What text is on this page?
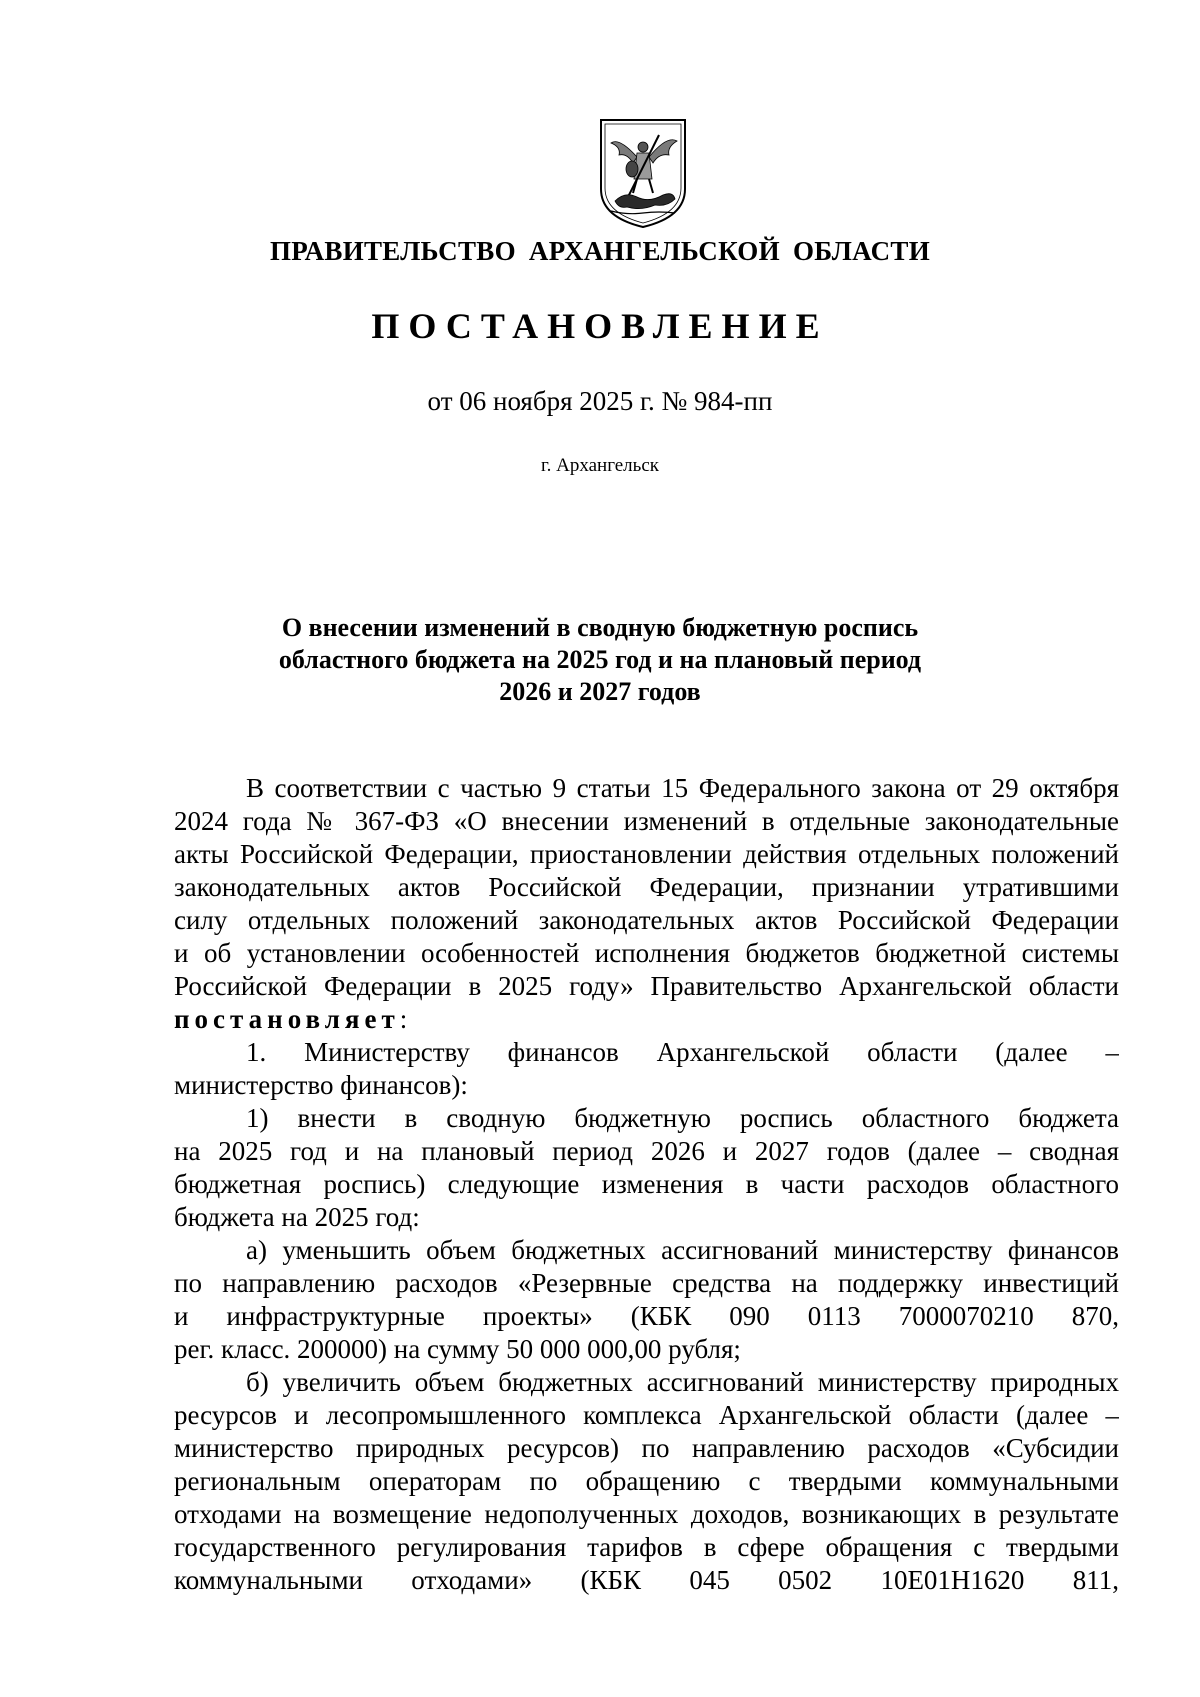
ПРАВИТЕЛЬСТВО АРХАНГЕЛЬСКОЙ ОБЛАСТИ
ПОСТАНОВЛЕНИЕ
от 06 ноября 2025 г. № 984-пп
г. Архангельск
О внесении изменений в сводную бюджетную роспись
областного бюджета на 2025 год и на плановый период
2026 и 2027 годов
В соответствии с частью 9 статьи 15 Федерального закона от 29 октября
2024 года № 367-ФЗ «О внесении изменений в отдельные законодательные
акты Российской Федерации, приостановлении действия отдельных положений
законодательных актов Российской Федерации, признании утратившими
силу отдельных положений законодательных актов Российской Федерации
и об установлении особенностей исполнения бюджетов бюджетной системы
Российской Федерации в 2025 году» Правительство Архангельской области
постановляет:
1. Министерству финансов Архангельской области (далее –
министерство финансов):
1) внести в сводную бюджетную роспись областного бюджета
на 2025 год и на плановый период 2026 и 2027 годов (далее – сводная
бюджетная роспись) следующие изменения в части расходов областного
бюджета на 2025 год:
а) уменьшить объем бюджетных ассигнований министерству финансов
по направлению расходов «Резервные средства на поддержку инвестиций
и инфраструктурные проекты» (КБК 090 0113 7000070210 870,
рег. класс. 200000) на сумму 50 000 000,00 рубля;
б) увеличить объем бюджетных ассигнований министерству природных
ресурсов и лесопромышленного комплекса Архангельской области (далее –
министерство природных ресурсов) по направлению расходов «Субсидии
региональным операторам по обращению с твердыми коммунальными
отходами на возмещение недополученных доходов, возникающих в результате
государственного регулирования тарифов в сфере обращения с твердыми
коммунальными отходами» (КБК 045 0502 10E01H1620 811,
